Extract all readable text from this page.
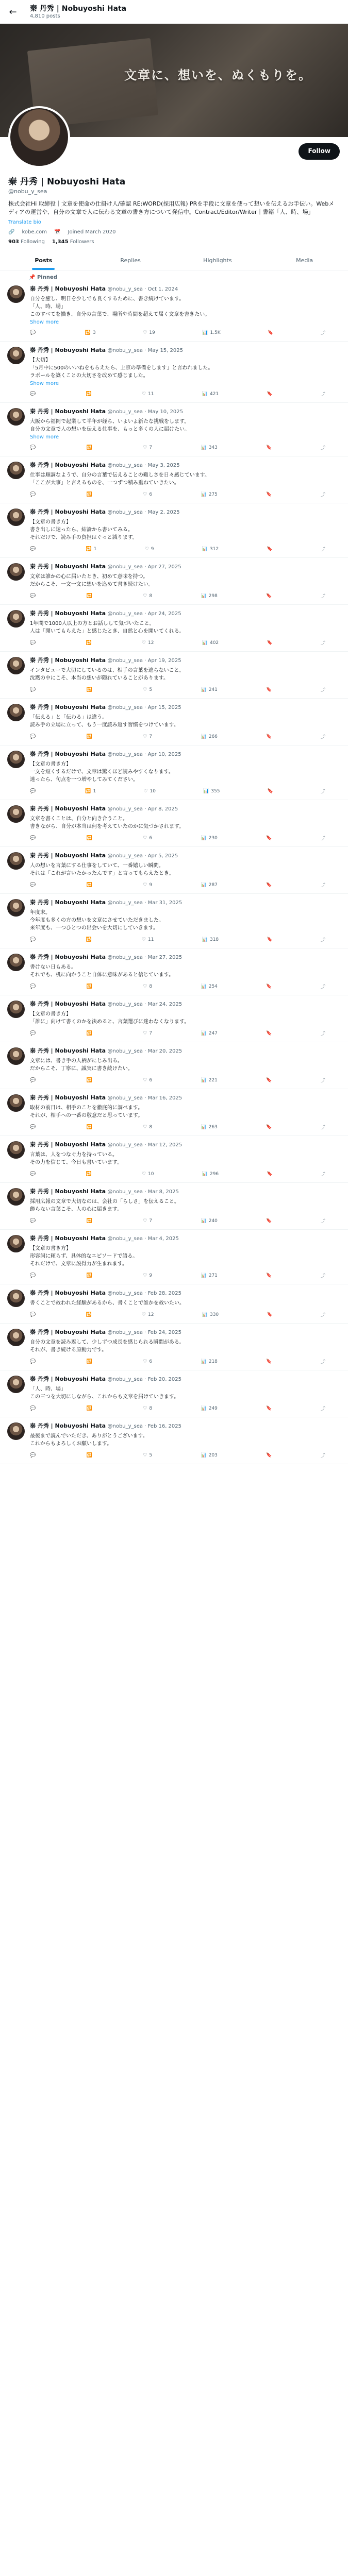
← 秦 丹秀 | Nobuyoshi Hata
4,810 posts
文章に、想いを、ぬくもりを。
Follow
秦 丹秀 | Nobuyoshi Hata
@nobu_y_sea
株式会社Hi 取締役｜文章を使命の仕掛け人/確認 RE:WORD(採用広報) PRを手段に文章を使って想いを伝えるお手伝い。Webメディアの運営や、自分の文章で人に伝わる文章の書き方について発信中。Contract/Editor/Writer｜書籍「人、時、場」
Translate bio
🔗 kobe.com 📅 Joined March 2020
903 Following 1,345 Followers
Posts	Replies	Highlights	Media
📌 Pinned
秦 丹秀 | Nobuyoshi Hata @nobu_y_sea · Oct 1, 2024
自分を癒し、明日を少しでも良くするために、書き続けています。
「人、時、場」
このすべてを描き、自分の言葉で、場所や時間を超えて届く文章を書きたい。
Show more
💬	🔁 3	♡ 19	📊 1.5K	🔖	⤴
秦 丹秀 | Nobuyoshi Hata @nobu_y_sea · May 15, 2025
【大切】
「5月中に500のいいねをもらえたら、上京の準備をします」と言われました。
ラポールを築くことの大切さを改めて感じました。
Show more
💬	🔁	♡ 11	📊 421	🔖	⤴
秦 丹秀 | Nobuyoshi Hata @nobu_y_sea · May 10, 2025
大阪から福岡で起業して半年が経ち、いよいよ新たな挑戦をします。
自分の文章で人の想いを伝える仕事を、もっと多くの人に届けたい。
Show more
💬	🔁	♡ 7	📊 343	🔖	⤴
秦 丹秀 | Nobuyoshi Hata @nobu_y_sea · May 3, 2025
仕事は順調なようで、自分の言葉で伝えることの難しさを日々感じています。
「ここが大事」と言えるものを、一つずつ積み重ねていきたい。
💬	🔁	♡ 6	📊 275	🔖	⤴
秦 丹秀 | Nobuyoshi Hata @nobu_y_sea · May 2, 2025
【文章の書き方】
書き出しに迷ったら、結論から書いてみる。
それだけで、読み手の負担はぐっと減ります。
💬	🔁 1	♡ 9	📊 312	🔖	⤴
秦 丹秀 | Nobuyoshi Hata @nobu_y_sea · Apr 27, 2025
文章は誰かの心に届いたとき、初めて意味を持つ。
だからこそ、一文一文に想いを込めて書き続けたい。
💬	🔁	♡ 8	📊 298	🔖	⤴
秦 丹秀 | Nobuyoshi Hata @nobu_y_sea · Apr 24, 2025
1年間で1000人以上の方とお話しして気づいたこと。
人は「聞いてもらえた」と感じたとき、自然と心を開いてくれる。
💬	🔁	♡ 12	📊 402	🔖	⤴
秦 丹秀 | Nobuyoshi Hata @nobu_y_sea · Apr 19, 2025
インタビューで大切にしているのは、相手の言葉を遮らないこと。
沈黙の中にこそ、本当の想いが隠れていることがあります。
💬	🔁	♡ 5	📊 241	🔖	⤴
秦 丹秀 | Nobuyoshi Hata @nobu_y_sea · Apr 15, 2025
「伝える」と「伝わる」は違う。
読み手の立場に立って、もう一度読み返す習慣をつけています。
💬	🔁	♡ 7	📊 266	🔖	⤴
秦 丹秀 | Nobuyoshi Hata @nobu_y_sea · Apr 10, 2025
【文章の書き方】
一文を短くするだけで、文章は驚くほど読みやすくなります。
迷ったら、句点を一つ増やしてみてください。
💬	🔁 1	♡ 10	📊 355	🔖	⤴
秦 丹秀 | Nobuyoshi Hata @nobu_y_sea · Apr 8, 2025
文章を書くことは、自分と向き合うこと。
書きながら、自分が本当は何を考えていたのかに気づかされます。
💬	🔁	♡ 6	📊 230	🔖	⤴
秦 丹秀 | Nobuyoshi Hata @nobu_y_sea · Apr 5, 2025
人の想いを言葉にする仕事をしていて、一番嬉しい瞬間。
それは「これが言いたかったんです」と言ってもらえたとき。
💬	🔁	♡ 9	📊 287	🔖	⤴
秦 丹秀 | Nobuyoshi Hata @nobu_y_sea · Mar 31, 2025
年度末。
今年度も多くの方の想いを文章にさせていただきました。
来年度も、一つひとつの出会いを大切にしていきます。
💬	🔁	♡ 11	📊 318	🔖	⤴
秦 丹秀 | Nobuyoshi Hata @nobu_y_sea · Mar 27, 2025
書けない日もある。
それでも、机に向かうこと自体に意味があると信じています。
💬	🔁	♡ 8	📊 254	🔖	⤴
秦 丹秀 | Nobuyoshi Hata @nobu_y_sea · Mar 24, 2025
【文章の書き方】
「誰に」向けて書くのかを決めると、言葉選びに迷わなくなります。
💬	🔁	♡ 7	📊 247	🔖	⤴
秦 丹秀 | Nobuyoshi Hata @nobu_y_sea · Mar 20, 2025
文章には、書き手の人柄がにじみ出る。
だからこそ、丁寧に、誠実に書き続けたい。
💬	🔁	♡ 6	📊 221	🔖	⤴
秦 丹秀 | Nobuyoshi Hata @nobu_y_sea · Mar 16, 2025
取材の前日は、相手のことを徹底的に調べます。
それが、相手への一番の敬意だと思っています。
💬	🔁	♡ 8	📊 263	🔖	⤴
秦 丹秀 | Nobuyoshi Hata @nobu_y_sea · Mar 12, 2025
言葉は、人をつなぐ力を持っている。
その力を信じて、今日も書いています。
💬	🔁	♡ 10	📊 296	🔖	⤴
秦 丹秀 | Nobuyoshi Hata @nobu_y_sea · Mar 8, 2025
採用広報の文章で大切なのは、会社の「らしさ」を伝えること。
飾らない言葉こそ、人の心に届きます。
💬	🔁	♡ 7	📊 240	🔖	⤴
秦 丹秀 | Nobuyoshi Hata @nobu_y_sea · Mar 4, 2025
【文章の書き方】
形容詞に頼らず、具体的なエピソードで語る。
それだけで、文章に説得力が生まれます。
💬	🔁	♡ 9	📊 271	🔖	⤴
秦 丹秀 | Nobuyoshi Hata @nobu_y_sea · Feb 28, 2025
書くことで救われた経験があるから、書くことで誰かを救いたい。
💬	🔁	♡ 12	📊 330	🔖	⤴
秦 丹秀 | Nobuyoshi Hata @nobu_y_sea · Feb 24, 2025
自分の文章を読み返して、少しずつ成長を感じられる瞬間がある。
それが、書き続ける原動力です。
💬	🔁	♡ 6	📊 218	🔖	⤴
秦 丹秀 | Nobuyoshi Hata @nobu_y_sea · Feb 20, 2025
「人、時、場」
この三つを大切にしながら、これからも文章を届けていきます。
💬	🔁	♡ 8	📊 249	🔖	⤴
秦 丹秀 | Nobuyoshi Hata @nobu_y_sea · Feb 16, 2025
最後まで読んでいただき、ありがとうございます。
これからもよろしくお願いします。
💬	🔁	♡ 5	📊 203	🔖	⤴
